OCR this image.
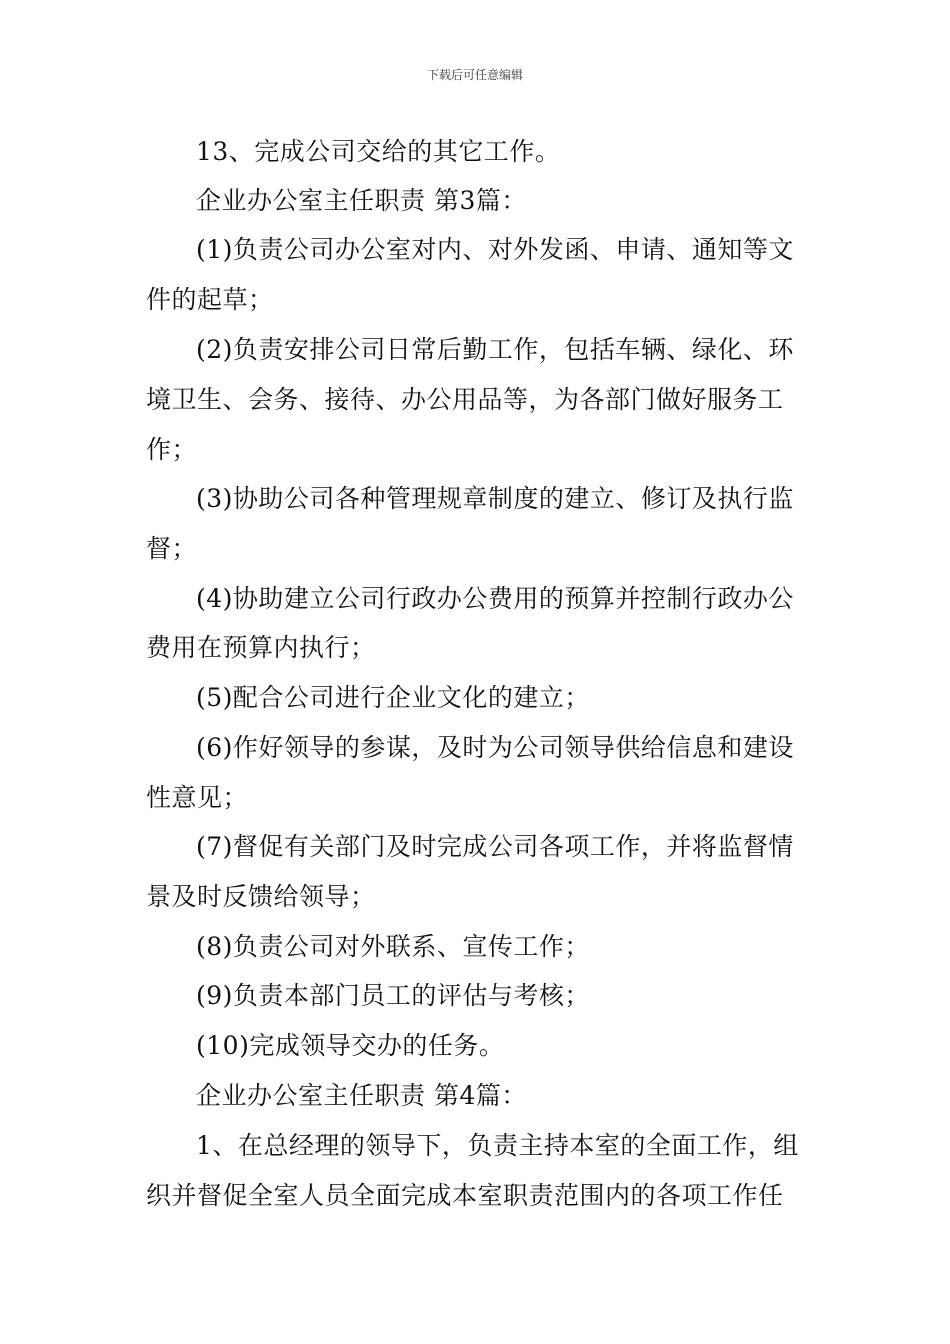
下载后可任意编辑
13、完成公司交给的其它工作。
企业办公室主任职责 第3篇：
(1)负责公司办公室对内、对外发函、申请、通知等文
件的起草；
(2)负责安排公司日常后勤工作，包括车辆、绿化、环
境卫生、会务、接待、办公用品等，为各部门做好服务工
作；
(3)协助公司各种管理规章制度的建立、修订及执行监
督；
(4)协助建立公司行政办公费用的预算并控制行政办公
费用在预算内执行；
(5)配合公司进行企业文化的建立；
(6)作好领导的参谋，及时为公司领导供给信息和建设
性意见；
(7)督促有关部门及时完成公司各项工作，并将监督情
景及时反馈给领导；
(8)负责公司对外联系、宣传工作；
(9)负责本部门员工的评估与考核；
(10)完成领导交办的任务。
企业办公室主任职责 第4篇：
1、在总经理的领导下，负责主持本室的全面工作，组
织并督促全室人员全面完成本室职责范围内的各项工作任
